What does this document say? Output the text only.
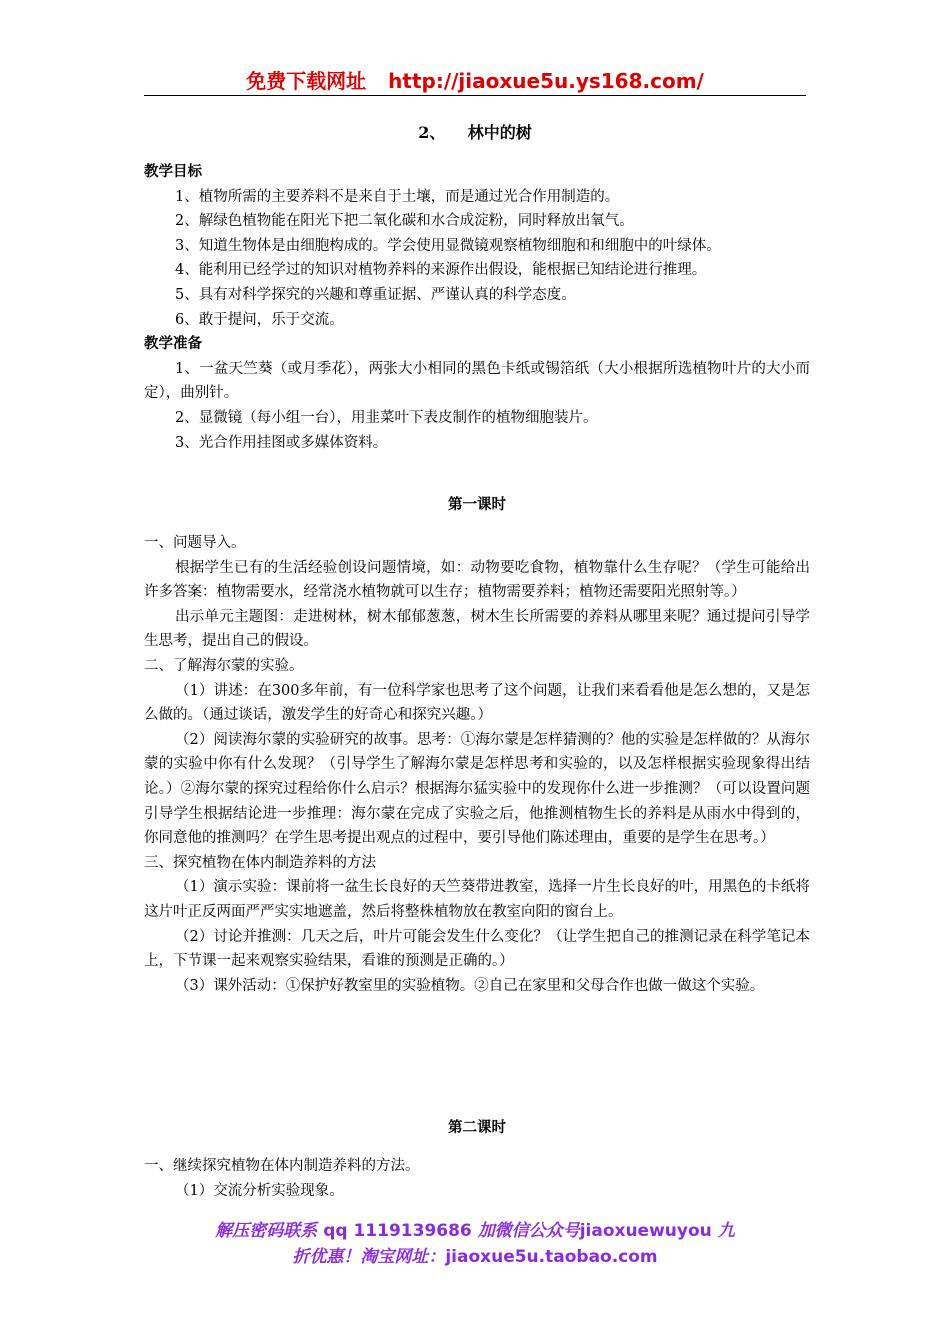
免费下载网址 http://jiaoxue5u.ys168.com/
2、    林中的树

教学目标

1、植物所需的主要养料不是来自于土壤，而是通过光合作用制造的。

2、解绿色植物能在阳光下把二氧化碳和水合成淀粉，同时释放出氧气。

3、知道生物体是由细胞构成的。学会使用显微镜观察植物细胞和和细胞中的叶绿体。

4、能利用已经学过的知识对植物养料的来源作出假设，能根据已知结论进行推理。

5、具有对科学探究的兴趣和尊重证据、严谨认真的科学态度。

6、敢于提问，乐于交流。

教学准备

1、一盆天竺葵（或月季花），两张大小相同的黑色卡纸或锡箔纸（大小根据所选植物叶片的大小而定），曲别针。

2、显微镜（每小组一台），用韭菜叶下表皮制作的植物细胞装片。

3、光合作用挂图或多媒体资料。

第一课时

一、问题导入。

根据学生已有的生活经验创设问题情境，如：动物要吃食物，植物靠什么生存呢？（学生可能给出许多答案：植物需要水，经常浇水植物就可以生存；植物需要养料；植物还需要阳光照射等。）

出示单元主题图：走进树林，树木郁郁葱葱，树木生长所需要的养料从哪里来呢？通过提问引导学生思考，提出自己的假设。

二、了解海尔蒙的实验。

（1）讲述：在300多年前，有一位科学家也思考了这个问题，让我们来看看他是怎么想的，又是怎么做的。（通过谈话，激发学生的好奇心和探究兴趣。）

（2）阅读海尔蒙的实验研究的故事。思考：①海尔蒙是怎样猜测的？他的实验是怎样做的？从海尔蒙的实验中你有什么发现？（引导学生了解海尔蒙是怎样思考和实验的，以及怎样根据实验现象得出结论。）②海尔蒙的探究过程给你什么启示？根据海尔猛实验中的发现你什么进一步推测？（可以设置问题引导学生根据结论进一步推理：海尔蒙在完成了实验之后，他推测植物生长的养料是从雨水中得到的，你同意他的推测吗？在学生思考提出观点的过程中，要引导他们陈述理由，重要的是学生在思考。）

三、探究植物在体内制造养料的方法

（1）演示实验：课前将一盆生长良好的天竺葵带进教室，选择一片生长良好的叶，用黑色的卡纸将这片叶正反两面严严实实地遮盖，然后将整株植物放在教室向阳的窗台上。

（2）讨论并推测：几天之后，叶片可能会发生什么变化？（让学生把自己的推测记录在科学笔记本上，下节课一起来观察实验结果，看谁的预测是正确的。）

（3）课外活动：①保护好教室里的实验植物。②自己在家里和父母合作也做一做这个实验。

第二课时

一、继续探究植物在体内制造养料的方法。

（1）交流分析实验现象。

解压密码联系 qq 1119139686 加微信公众号jiaoxuewuyou 九
折优惠！淘宝网址：jiaoxue5u.taobao.com
